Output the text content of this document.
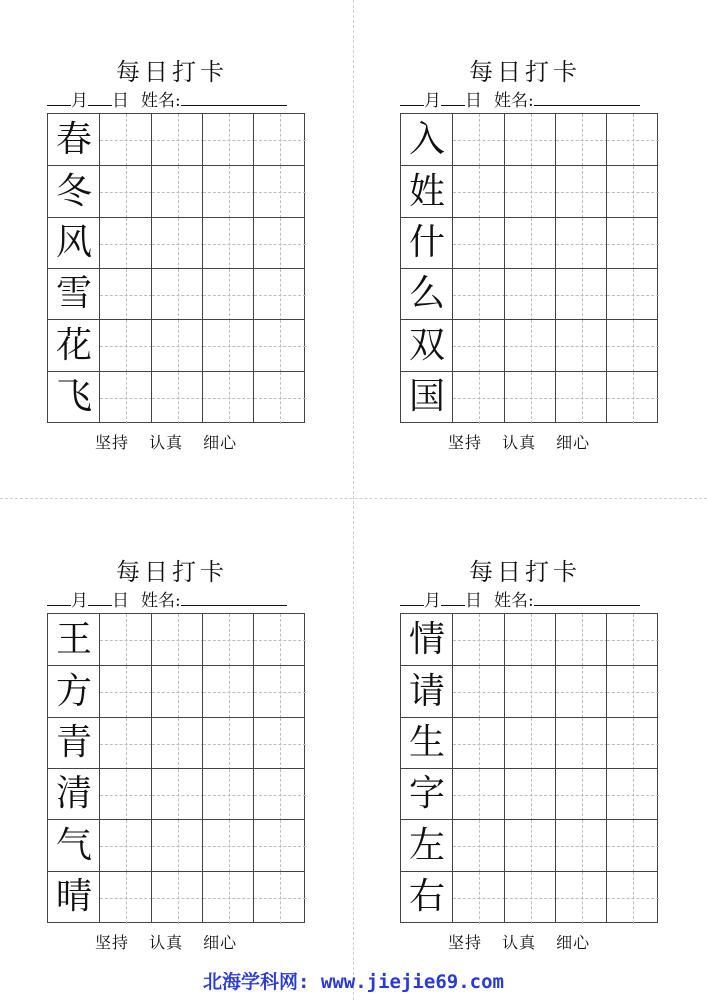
每日打卡
月 日 姓名:
春
冬
风
雪
花
飞
坚持 认真 细心
每日打卡
月 日 姓名:
入
姓
什
么
双
国
坚持 认真 细心
每日打卡
月 日 姓名:
王
方
青
清
气
晴
坚持 认真 细心
每日打卡
月 日 姓名:
情
请
生
字
左
右
坚持 认真 细心
北海学科网: www.jiejie69.com
